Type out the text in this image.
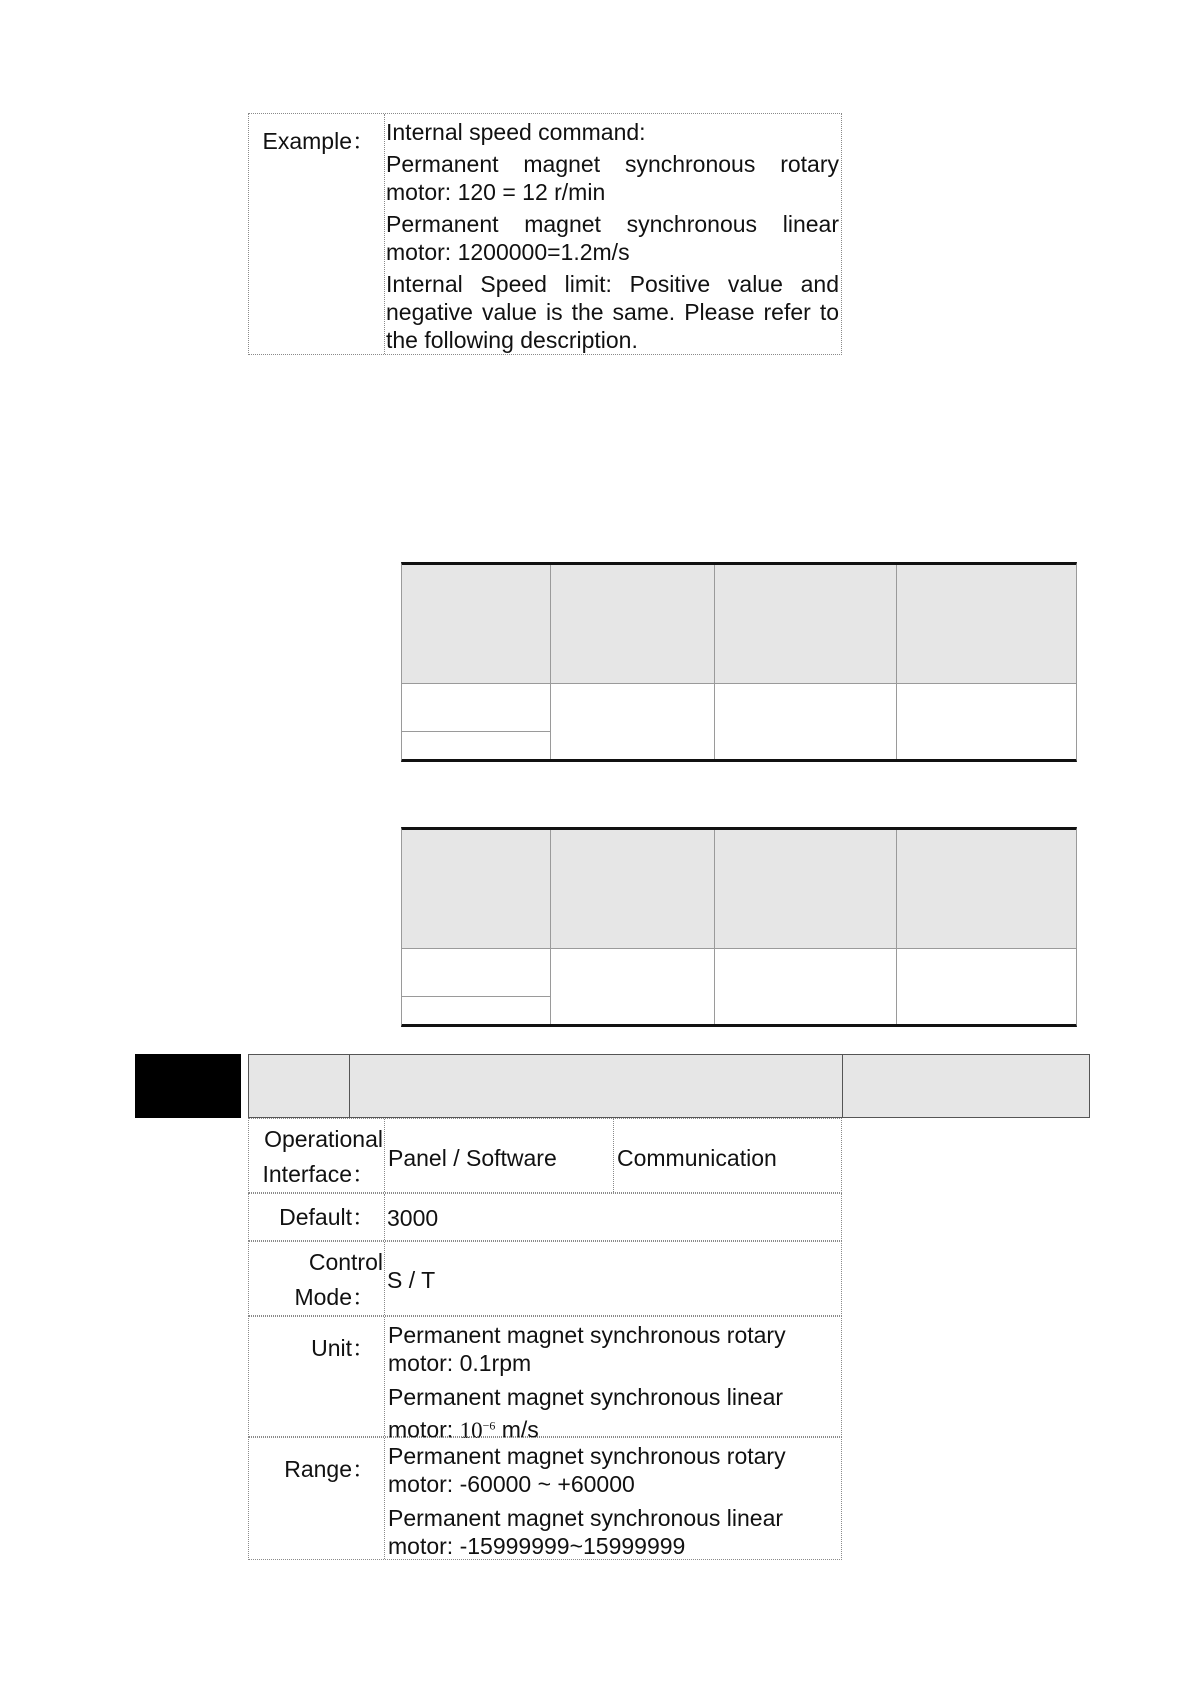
Example： Internal speed command:
Permanent magnet synchronous rotary motor: 120 = 12 r/min
Permanent magnet synchronous linear motor: 1200000=1.2m/s
Internal Speed limit: Positive value and negative value is the same. Please refer to the following description.
Operational
Interface：
Panel / Software	Communication
Default： 3000
Control
Mode：
S / T
Unit： Permanent magnet synchronous rotary motor: 0.1rpm
Permanent magnet synchronous linear motor: $10^{-6}$ m/s
Range： Permanent magnet synchronous rotary motor: -60000 ~ +60000
Permanent magnet synchronous linear motor: -15999999~15999999
